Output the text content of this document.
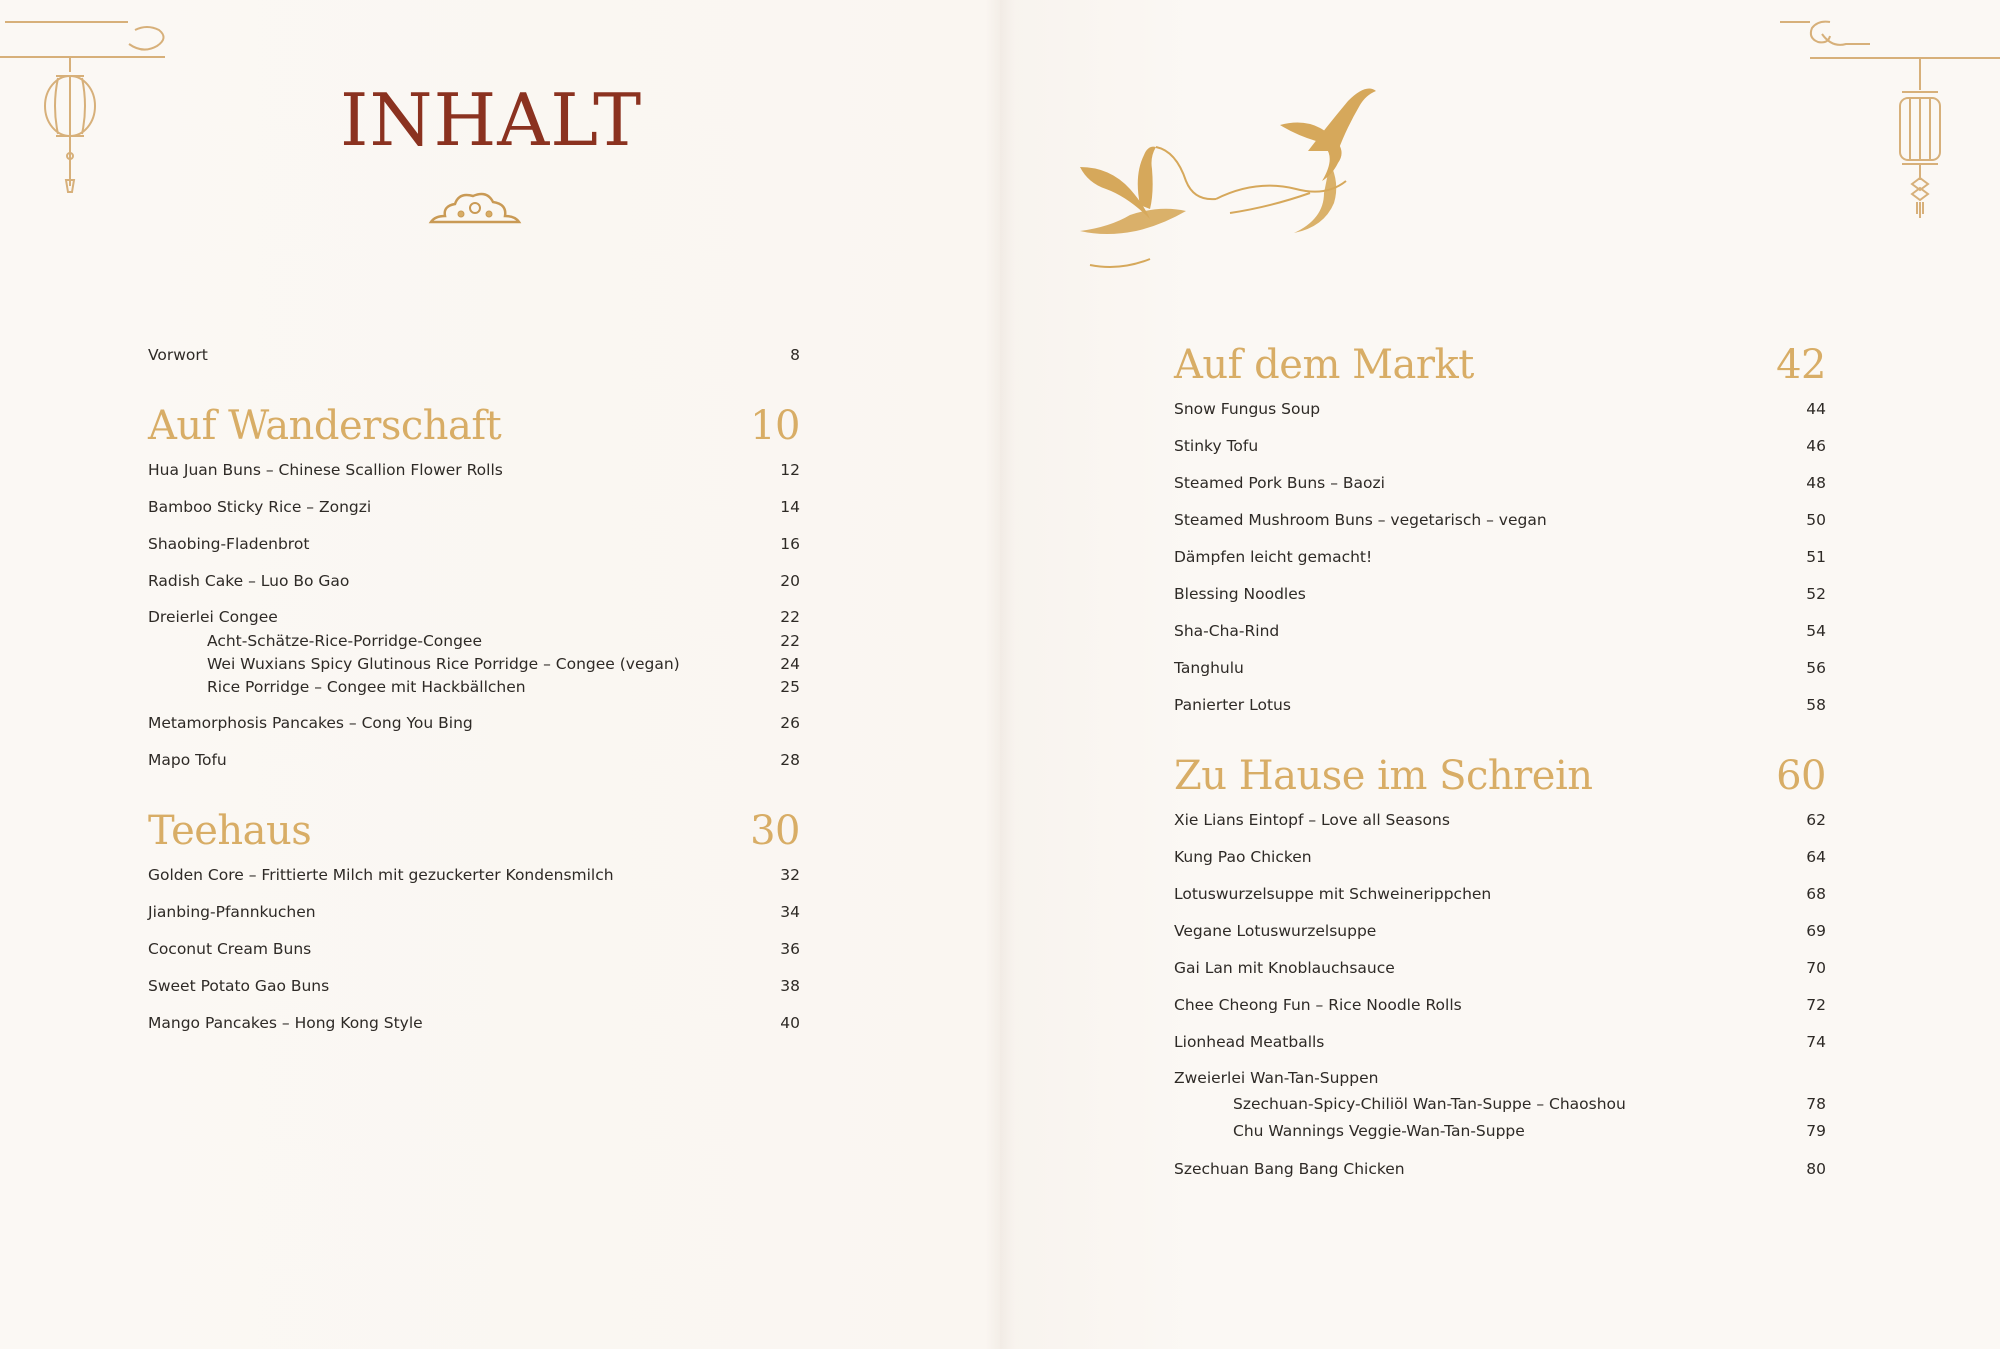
INHALT
Vorwort	8
Auf Wanderschaft	10
Hua Juan Buns – Chinese Scallion Flower Rolls	12
Bamboo Sticky Rice – Zongzi	14
Shaobing-Fladenbrot	16
Radish Cake – Luo Bo Gao	20
Dreierlei Congee	22
Acht-Schätze-Rice-Porridge-Congee	22
Wei Wuxians Spicy Glutinous Rice Porridge – Congee (vegan)	24
Rice Porridge – Congee mit Hackbällchen	25
Metamorphosis Pancakes – Cong You Bing	26
Mapo Tofu	28
Teehaus	30
Golden Core – Frittierte Milch mit gezuckerter Kondensmilch	32
Jianbing-Pfannkuchen	34
Coconut Cream Buns	36
Sweet Potato Gao Buns	38
Mango Pancakes – Hong Kong Style	40
Auf dem Markt	42
Snow Fungus Soup	44
Stinky Tofu	46
Steamed Pork Buns – Baozi	48
Steamed Mushroom Buns – vegetarisch – vegan	50
Dämpfen leicht gemacht!	51
Blessing Noodles	52
Sha-Cha-Rind	54
Tanghulu	56
Panierter Lotus	58
Zu Hause im Schrein	60
Xie Lians Eintopf – Love all Seasons	62
Kung Pao Chicken	64
Lotuswurzelsuppe mit Schweinerippchen	68
Vegane Lotuswurzelsuppe	69
Gai Lan mit Knoblauchsauce	70
Chee Cheong Fun – Rice Noodle Rolls	72
Lionhead Meatballs	74
Zweierlei Wan-Tan-Suppen
Szechuan-Spicy-Chiliöl Wan-Tan-Suppe – Chaoshou	78
Chu Wannings Veggie-Wan-Tan-Suppe	79
Szechuan Bang Bang Chicken	80
